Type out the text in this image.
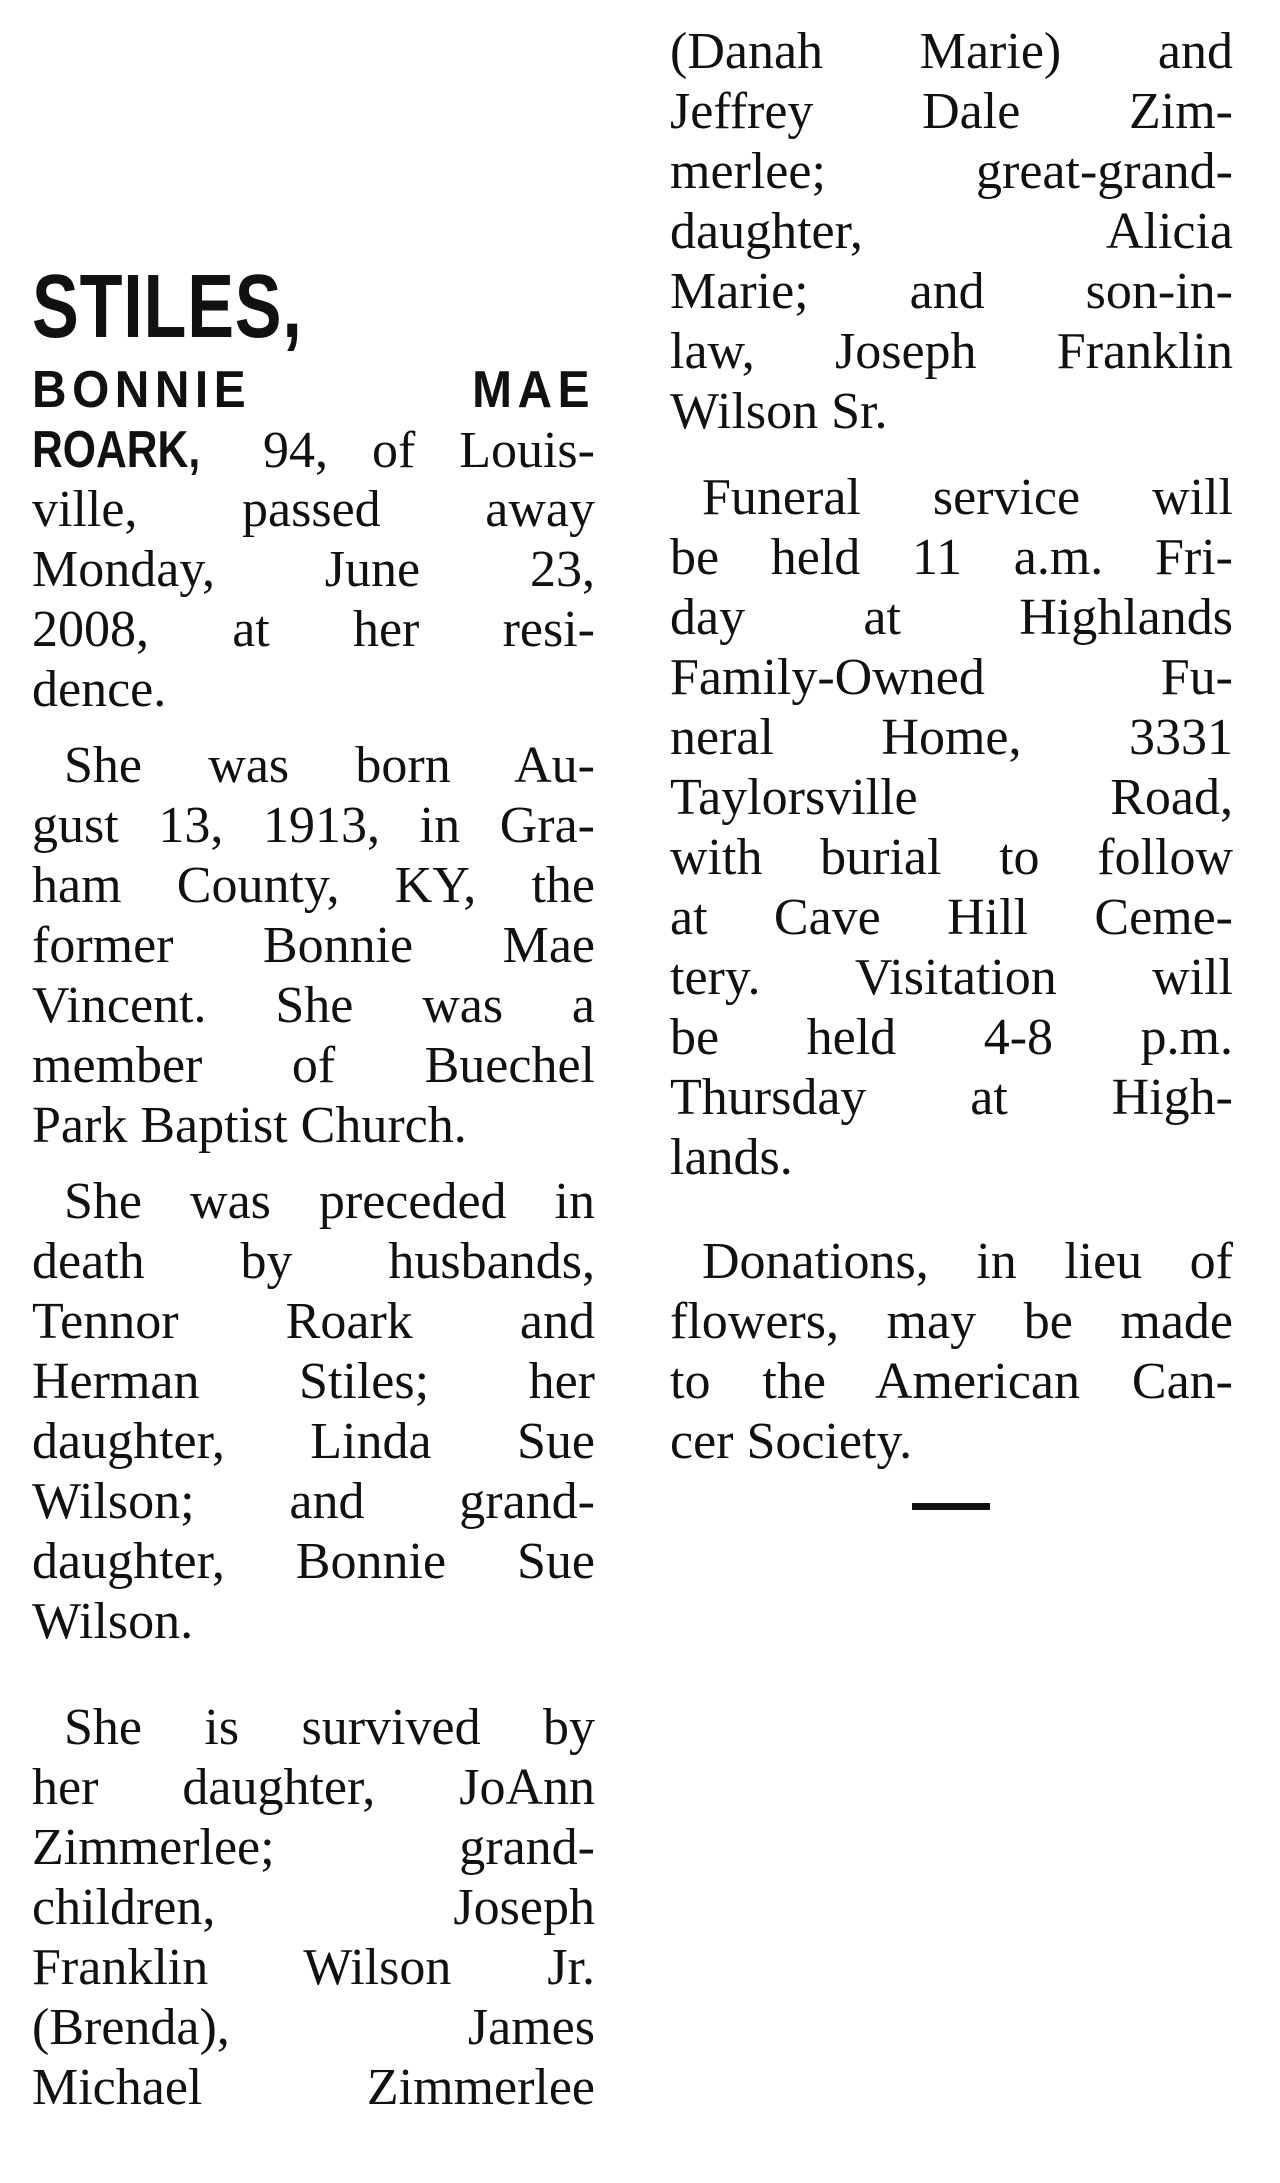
STILES,
BONNIE MAE
ROARK, 94, of Louis-
ville, passed away
Monday, June 23,
2008, at her resi-
dence.
She was born Au-
gust 13, 1913, in Gra-
ham County, KY, the
former Bonnie Mae
Vincent. She was a
member of Buechel
Park Baptist Church.
She was preceded in
death by husbands,
Tennor Roark and
Herman Stiles; her
daughter, Linda Sue
Wilson; and grand-
daughter, Bonnie Sue
Wilson.
She is survived by
her daughter, JoAnn
Zimmerlee; grand-
children, Joseph
Franklin Wilson Jr.
(Brenda), James
Michael Zimmerlee
(Danah Marie) and
Jeffrey Dale Zim-
merlee; great-grand-
daughter, Alicia
Marie; and son-in-
law, Joseph Franklin
Wilson Sr.
Funeral service will
be held 11 a.m. Fri-
day at Highlands
Family-Owned Fu-
neral Home, 3331
Taylorsville Road,
with burial to follow
at Cave Hill Ceme-
tery. Visitation will
be held 4-8 p.m.
Thursday at High-
lands.
Donations, in lieu of
flowers, may be made
to the American Can-
cer Society.
